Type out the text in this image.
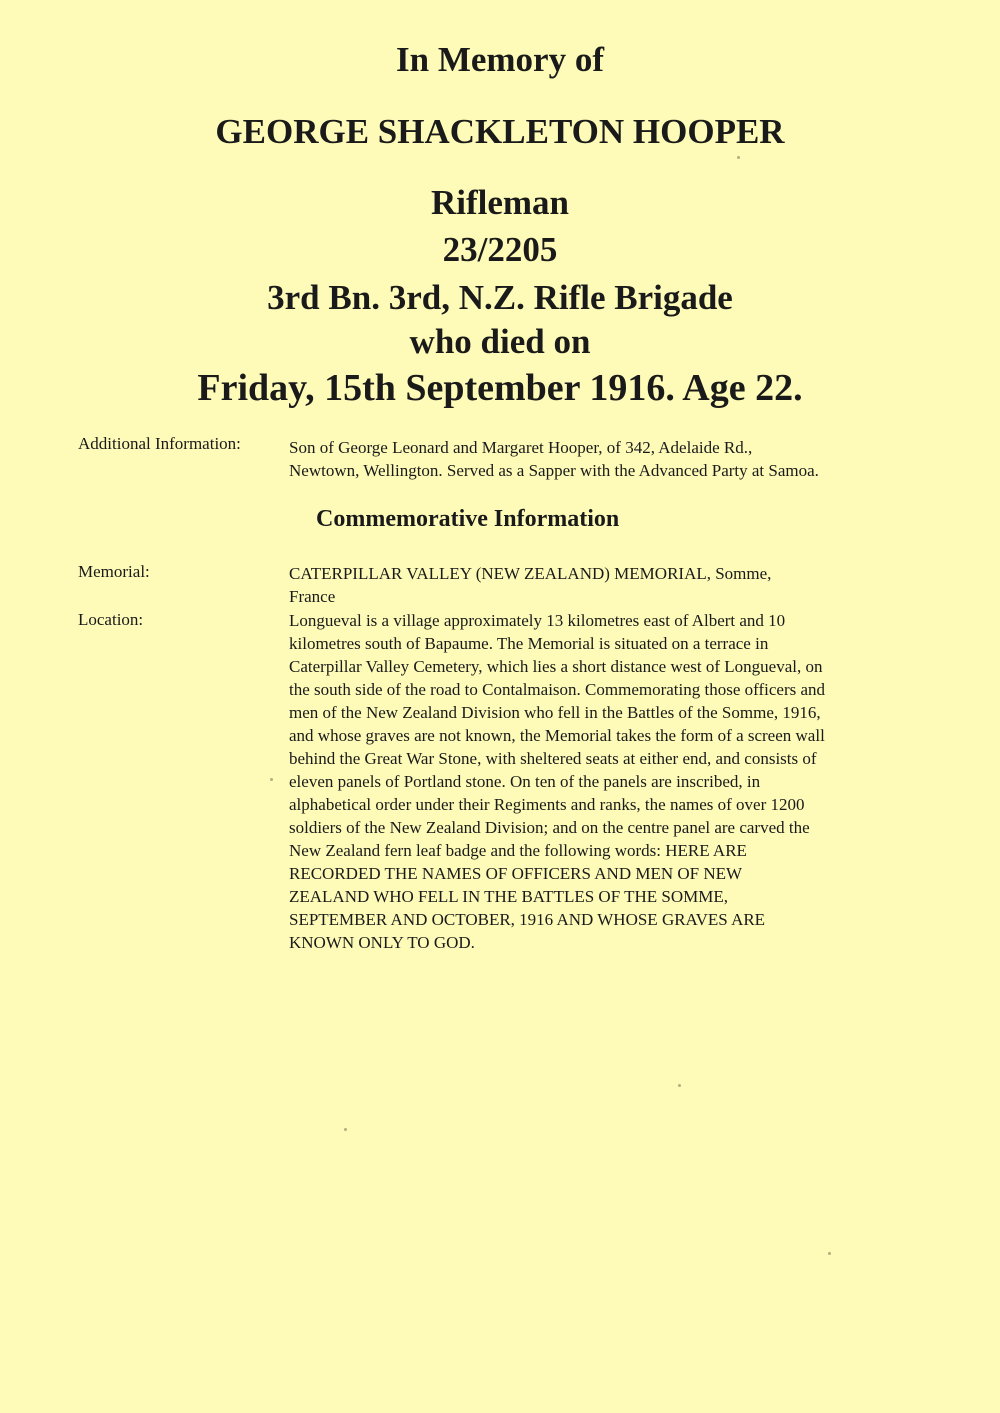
In Memory of
GEORGE SHACKLETON HOOPER
Rifleman
23/2205
3rd Bn. 3rd, N.Z. Rifle Brigade
who died on
Friday, 15th September 1916. Age 22.
Additional Information:	Son of George Leonard and Margaret Hooper, of 342, Adelaide Rd.,
Newtown, Wellington. Served as a Sapper with the Advanced Party at Samoa.
Commemorative Information
Memorial:	CATERPILLAR VALLEY (NEW ZEALAND) MEMORIAL, Somme,
France
Location:	Longueval is a village approximately 13 kilometres east of Albert and 10
kilometres south of Bapaume. The Memorial is situated on a terrace in
Caterpillar Valley Cemetery, which lies a short distance west of Longueval, on
the south side of the road to Contalmaison. Commemorating those officers and
men of the New Zealand Division who fell in the Battles of the Somme, 1916,
and whose graves are not known, the Memorial takes the form of a screen wall
behind the Great War Stone, with sheltered seats at either end, and consists of
eleven panels of Portland stone. On ten of the panels are inscribed, in
alphabetical order under their Regiments and ranks, the names of over 1200
soldiers of the New Zealand Division; and on the centre panel are carved the
New Zealand fern leaf badge and the following words: HERE ARE
RECORDED THE NAMES OF OFFICERS AND MEN OF NEW
ZEALAND WHO FELL IN THE BATTLES OF THE SOMME,
SEPTEMBER AND OCTOBER, 1916 AND WHOSE GRAVES ARE
KNOWN ONLY TO GOD.
